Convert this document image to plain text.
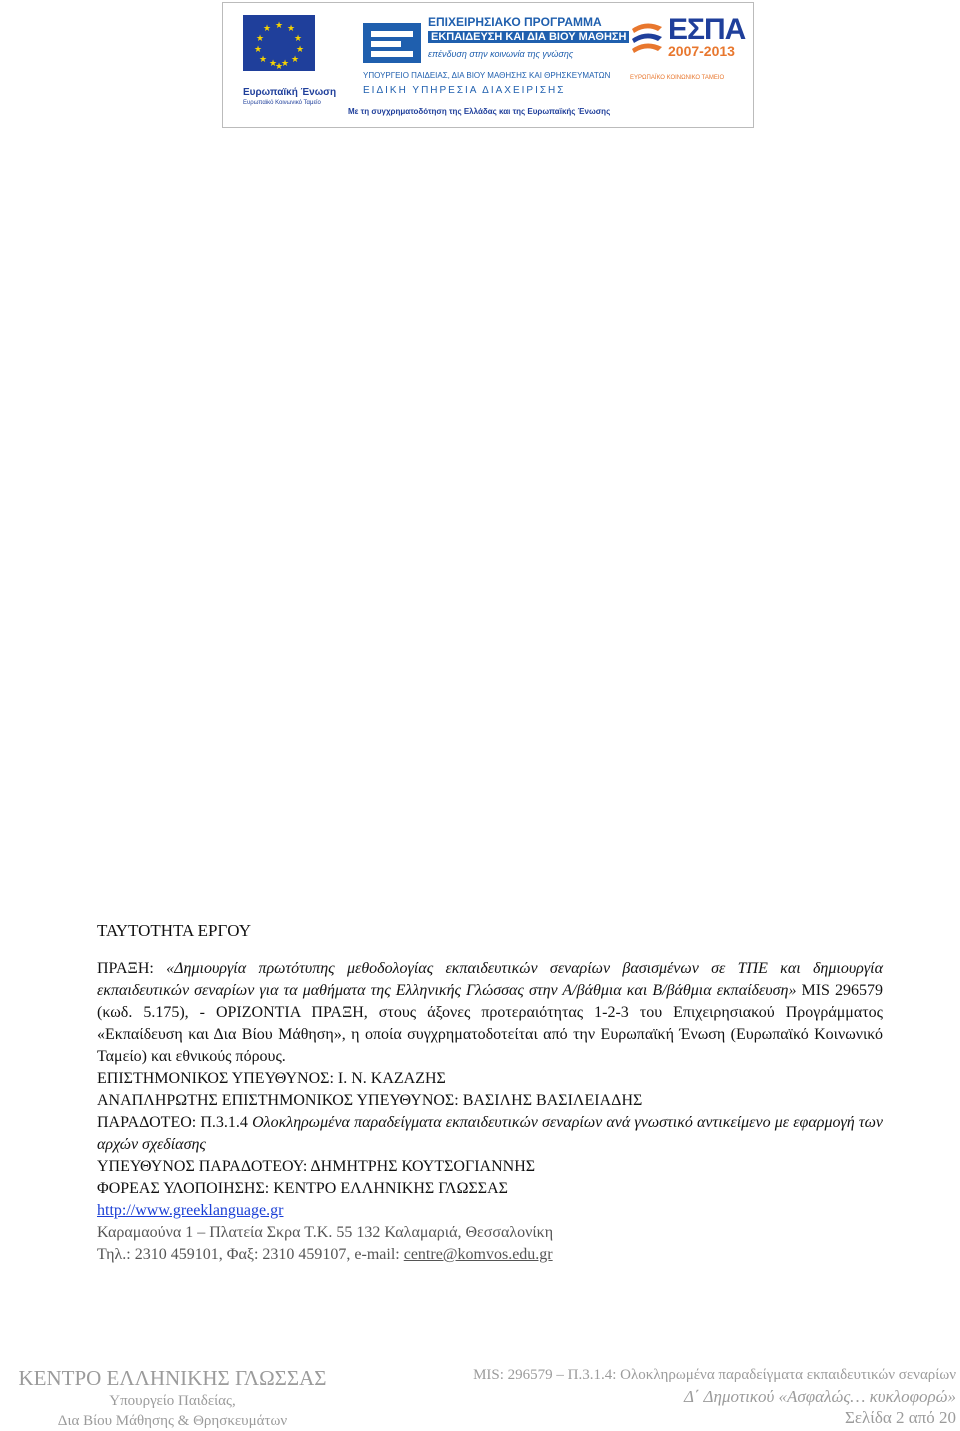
★ ★
★
★
★
★
★
★
★
★
★
★
Ευρωπαϊκή Ένωση
Ευρωπαϊκό Κοινωνικό Ταμείο
ΕΠΙΧΕΙΡΗΣΙΑΚΟ ΠΡΟΓΡΑΜΜΑ
ΕΚΠΑΙΔΕΥΣΗ ΚΑΙ ΔΙΑ ΒΙΟΥ ΜΑΘΗΣΗ
επένδυση στην κοινωνία της γνώσης
ΥΠΟΥΡΓΕΙΟ ΠΑΙΔΕΙΑΣ, ΔΙΑ ΒΙΟΥ ΜΑΘΗΣΗΣ ΚΑΙ ΘΡΗΣΚΕΥΜΑΤΩΝ
ΕΙΔΙΚΗ ΥΠΗΡΕΣΙΑ ΔΙΑΧΕΙΡΙΣΗΣ
ΕΣΠΑ
2007-2013
ΕΥΡΩΠΑΪΚΟ ΚΟΙΝΩΝΙΚΟ ΤΑΜΕΙΟ
Με τη συγχρηματοδότηση της Ελλάδας και της Ευρωπαϊκής Ένωσης
ΤΑΥΤΟΤΗΤΑ ΕΡΓΟΥ

ΠΡΑΞΗ: «Δημιουργία πρωτότυπης μεθοδολογίας εκπαιδευτικών σεναρίων βασισμένων σε ΤΠΕ και δημιουργία εκπαιδευτικών σεναρίων για τα μαθήματα της Ελληνικής Γλώσσας στην Α/βάθμια και Β/βάθμια εκπαίδευση» MIS 296579 (κωδ. 5.175), - ΟΡΙΖΟΝΤΙΑ ΠΡΑΞΗ, στους άξονες προτεραιότητας 1-2-3 του Επιχειρησιακού Προγράμματος «Εκπαίδευση και Δια Βίου Μάθηση», η οποία συγχρηματοδοτείται από την Ευρωπαϊκή Ένωση (Ευρωπαϊκό Κοινωνικό Ταμείο) και εθνικούς πόρους.

ΕΠΙΣΤΗΜΟΝΙΚΟΣ ΥΠΕΥΘΥΝΟΣ: Ι. Ν. ΚΑΖΑΖΗΣ

ΑΝΑΠΛΗΡΩΤΗΣ ΕΠΙΣΤΗΜΟΝΙΚΟΣ ΥΠΕΥΘΥΝΟΣ: ΒΑΣΙΛΗΣ ΒΑΣΙΛΕΙΑΔΗΣ

ΠΑΡΑΔΟΤΕΟ: Π.3.1.4 Ολοκληρωμένα παραδείγματα εκπαιδευτικών σεναρίων ανά γνωστικό αντικείμενο με εφαρμογή των αρχών σχεδίασης

ΥΠΕΥΘΥΝΟΣ ΠΑΡΑΔΟΤΕΟΥ: ΔΗΜΗΤΡΗΣ ΚΟΥΤΣΟΓΙΑΝΝΗΣ

ΦΟΡΕΑΣ ΥΛΟΠΟΙΗΣΗΣ: ΚΕΝΤΡΟ ΕΛΛΗΝΙΚΗΣ ΓΛΩΣΣΑΣ

http://www.greeklanguage.gr

Καραμαούνα 1 – Πλατεία Σκρα Τ.Κ. 55 132 Καλαμαριά, Θεσσαλονίκη

Τηλ.: 2310 459101, Φαξ: 2310 459107, e-mail: centre@komvos.edu.gr

ΚΕΝΤΡΟ ΕΛΛΗΝΙΚΗΣ ΓΛΩΣΣΑΣ
Υπουργείο Παιδείας,
Δια Βίου Μάθησης & Θρησκευμάτων
MIS: 296579 – Π.3.1.4: Ολοκληρωμένα παραδείγματα εκπαιδευτικών σεναρίων
Δ΄ Δημοτικού «Ασφαλώς… κυκλοφορώ»
Σελίδα 2 από 20
